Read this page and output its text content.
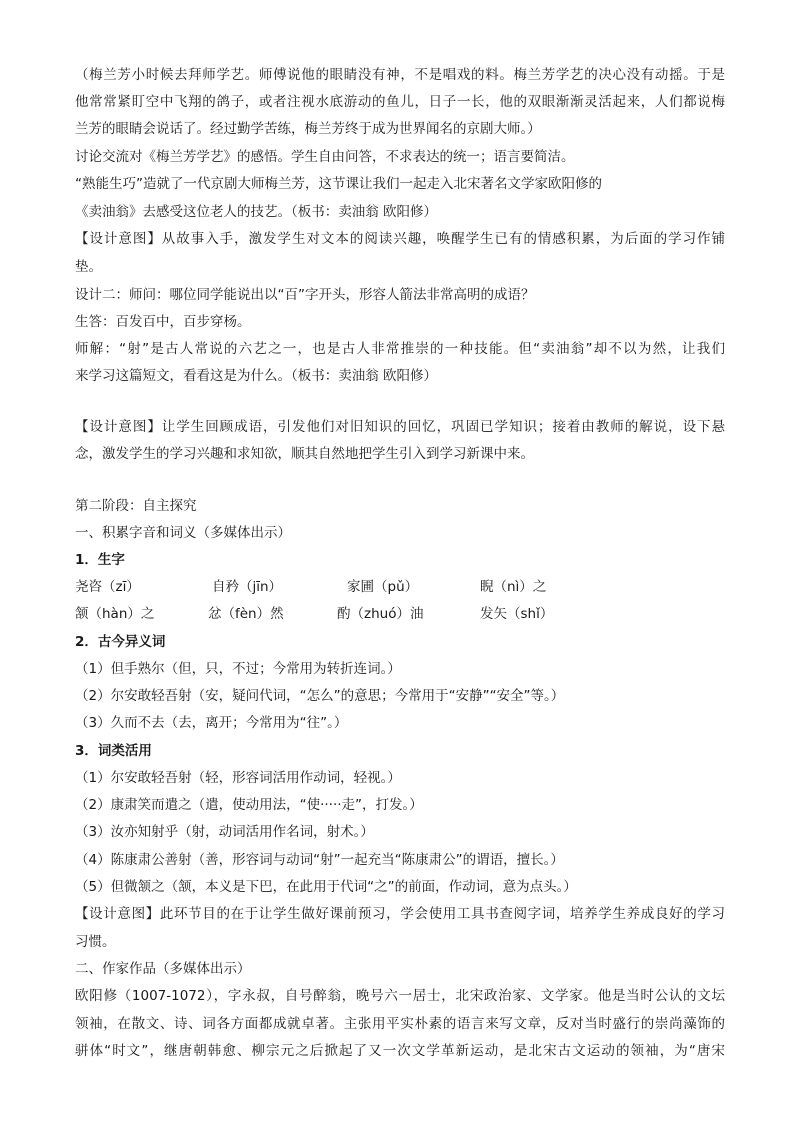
（梅兰芳小时候去拜师学艺。师傅说他的眼睛没有神，不是唱戏的料。梅兰芳学艺的决心没有动摇。于是
他常常紧盯空中飞翔的鸽子，或者注视水底游动的鱼儿，日子一长，他的双眼渐渐灵活起来，人们都说梅
兰芳的眼睛会说话了。经过勤学苦练，梅兰芳终于成为世界闻名的京剧大师。）
讨论交流对《梅兰芳学艺》的感悟。学生自由问答，不求表达的统一；语言要简洁。
“熟能生巧”造就了一代京剧大师梅兰芳，这节课让我们一起走入北宋著名文学家欧阳修的
《卖油翁》去感受这位老人的技艺。（板书：卖油翁 欧阳修）
【设计意图】从故事入手，激发学生对文本的阅读兴趣，唤醒学生已有的情感积累，为后面的学习作铺
垫。
设计二：师问：哪位同学能说出以“百”字开头，形容人箭法非常高明的成语？
生答：百发百中，百步穿杨。
师解：“射”是古人常说的六艺之一，也是古人非常推崇的一种技能。但“卖油翁”却不以为然，让我们
来学习这篇短文，看看这是为什么。（板书：卖油翁 欧阳修）
【设计意图】让学生回顾成语，引发他们对旧知识的回忆，巩固已学知识；接着由教师的解说，设下悬
念，激发学生的学习兴趣和求知欲，顺其自然地把学生引入到学习新课中来。
第二阶段：自主探究
一、积累字音和词义（多媒体出示）
1．生字
尧咨（zī）	自矜（jīn）	家圃（pǔ）	睨（nì）之
颔（hàn）之	忿（fèn）然	酌（zhuó）油	发矢（shǐ）
2．古今异义词
（1）但手熟尔（但，只，不过；今常用为转折连词。）
（2）尔安敢轻吾射（安，疑问代词，“怎么”的意思；今常用于“安静”“安全”等。）
（3）久而不去（去，离开；今常用为“往”。）
3．词类活用
（1）尔安敢轻吾射（轻，形容词活用作动词，轻视。）
（2）康肃笑而遣之（遣，使动用法，“使·····走”，打发。）
（3）汝亦知射乎（射，动词活用作名词，射术。）
（4）陈康肃公善射（善，形容词与动词“射”一起充当“陈康肃公”的谓语，擅长。）
（5）但微颔之（颔，本义是下巴，在此用于代词“之”的前面，作动词，意为点头。）
【设计意图】此环节目的在于让学生做好课前预习，学会使用工具书查阅字词，培养学生养成良好的学习
习惯。
二、作家作品（多媒体出示）
欧阳修（1007-1072），字永叔，自号醉翁，晚号六一居士，北宋政治家、文学家。他是当时公认的文坛
领袖，在散文、诗、词各方面都成就卓著。主张用平实朴素的语言来写文章，反对当时盛行的崇尚藻饰的
骈体“时文”，继唐朝韩愈、柳宗元之后掀起了又一次文学革新运动，是北宋古文运动的领袖，为“唐宋
